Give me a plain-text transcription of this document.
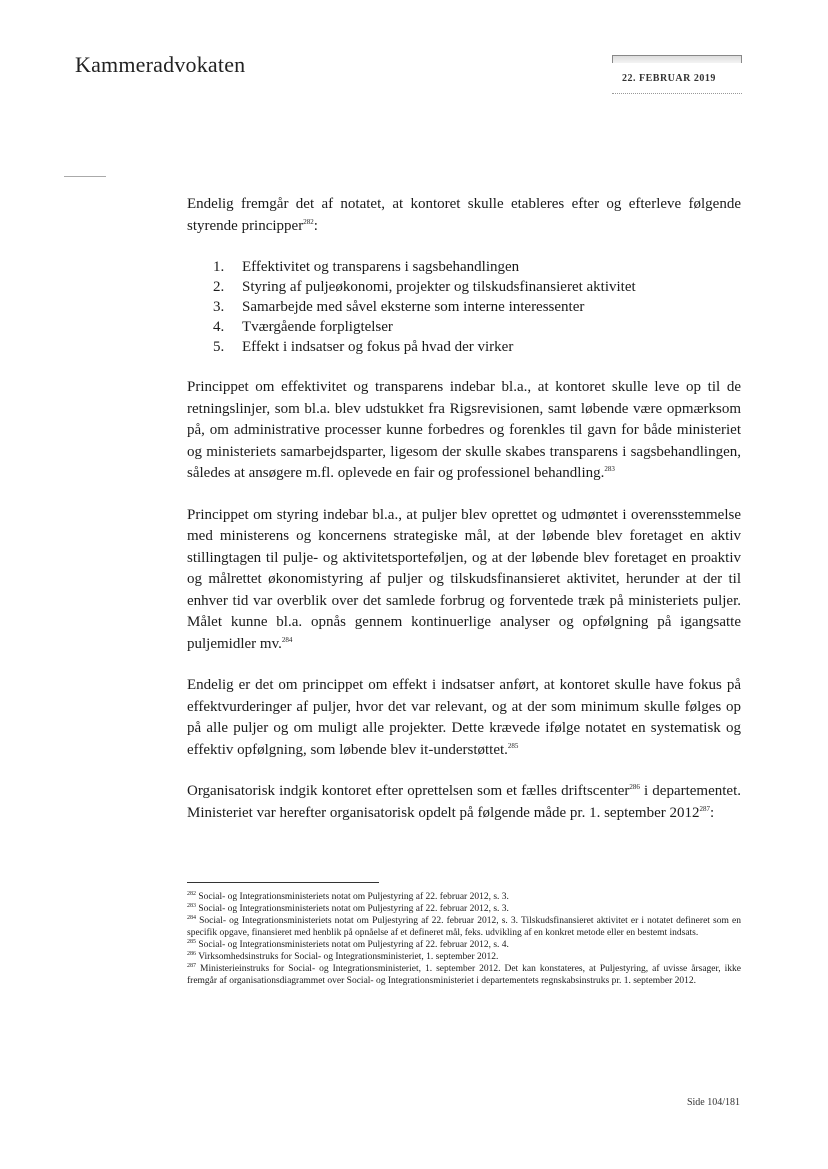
Kammeradvokaten
22. FEBRUAR 2019

Endelig fremgår det af notatet, at kontoret skulle etableres efter og efterleve følgende styrende principper$^{282}$:

1.	Effektivitet og transparens i sagsbehandlingen
2.	Styring af puljeøkonomi, projekter og tilskudsfinansieret aktivitet
3.	Samarbejde med såvel eksterne som interne interessenter
4.	Tværgående forpligtelser
5.	Effekt i indsatser og fokus på hvad der virker

Princippet om effektivitet og transparens indebar bl.a., at kontoret skulle leve op til de retningslinjer, som bl.a. blev udstukket fra Rigsrevisionen, samt løbende være opmærksom på, om administrative processer kunne forbedres og forenkles til gavn for både ministeriet og ministeriets samarbejdsparter, ligesom der skulle skabes transparens i sagsbehandlingen, således at ansøgere m.fl. oplevede en fair og professionel behandling.$^{283}$

Princippet om styring indebar bl.a., at puljer blev oprettet og udmøntet i overensstemmelse med ministerens og koncernens strategiske mål, at der løbende blev foretaget en aktiv stillingtagen til pulje- og aktivitetsporteføljen, og at der løbende blev foretaget en proaktiv og målrettet økonomistyring af puljer og tilskudsfinansieret aktivitet, herunder at der til enhver tid var overblik over det samlede forbrug og forventede træk på ministeriets puljer. Målet kunne bl.a. opnås gennem kontinuerlige analyser og opfølgning på igangsatte puljemidler mv.$^{284}$

Endelig er det om princippet om effekt i indsatser anført, at kontoret skulle have fokus på effektvurderinger af puljer, hvor det var relevant, og at der som minimum skulle følges op på alle puljer og om muligt alle projekter. Dette krævede ifølge notatet en systematisk og effektiv opfølgning, som løbende blev it-understøttet.$^{285}$

Organisatorisk indgik kontoret efter oprettelsen som et fælles driftscenter$^{286}$ i departementet. Ministeriet var herefter organisatorisk opdelt på følgende måde pr. 1. september 2012$^{287}$:

$^{282}$ Social- og Integrationsministeriets notat om Puljestyring af 22. februar 2012, s. 3.
$^{283}$ Social- og Integrationsministeriets notat om Puljestyring af 22. februar 2012, s. 3.
$^{284}$ Social- og Integrationsministeriets notat om Puljestyring af 22. februar 2012, s. 3. Tilskudsfinansieret aktivitet er i notatet defineret som en specifik opgave, finansieret med henblik på opnåelse af et defineret mål, feks. udvikling af en konkret metode eller en bestemt indsats.
$^{285}$ Social- og Integrationsministeriets notat om Puljestyring af 22. februar 2012, s. 4.
$^{286}$ Virksomhedsinstruks for Social- og Integrationsministeriet, 1. september 2012.
$^{287}$ Ministerieinstruks for Social- og Integrationsministeriet, 1. september 2012. Det kan konstateres, at Puljestyring, af uvisse årsager, ikke fremgår af organisationsdiagrammet over Social- og Integrationsministeriet i departementets regnskabsinstruks pr. 1. september 2012.
Side 104/181
